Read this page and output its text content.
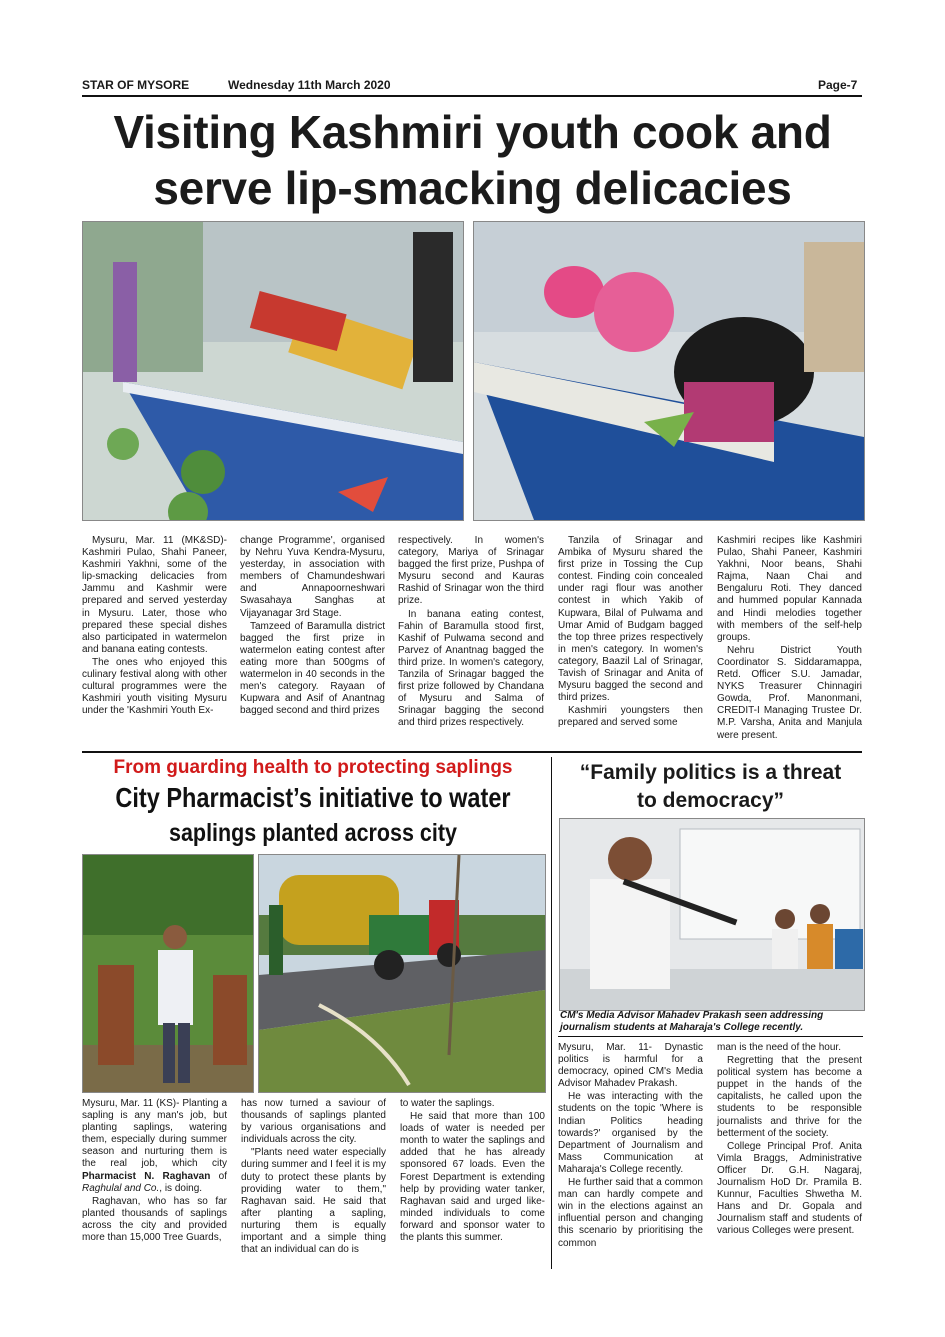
STAR OF MYSORE	Wednesday 11th March 2020	Page-7
Visiting Kashmiri youth cook and
serve lip-smacking delicacies

Mysuru, Mar. 11 (MK&SD)- Kashmiri Pulao, Shahi Paneer, Kashmiri Yakhni, some of the lip-smacking delicacies from Jammu and Kashmir were prepared and served yesterday in Mysuru. Later, those who prepared these special dishes also participated in watermelon and banana eating contests.

The ones who enjoyed this culinary festival along with other cultural programmes were the Kashmiri youth visiting Mysuru under the 'Kashmiri Youth Ex-

change Programme', organised by Nehru Yuva Kendra-Mysuru, yesterday, in association with members of Chamundeshwari and Annapoorneshwari Swasahaya Sanghas at Vijayanagar 3rd Stage.

Tamzeed of Baramulla district bagged the first prize in watermelon eating contest after eating more than 500gms of watermelon in 40 seconds in the men's category. Rayaan of Kupwara and Asif of Anantnag bagged second and third prizes

respectively. In women's category, Mariya of Srinagar bagged the first prize, Pushpa of Mysuru second and Kauras Rashid of Srinagar won the third prize.

In banana eating contest, Fahin of Baramulla stood first, Kashif of Pulwama second and Parvez of Anantnag bagged the third prize. In women's category, Tanzila of Srinagar bagged the first prize followed by Chandana of Mysuru and Salma of Srinagar bagging the second and third prizes respectively.

Tanzila of Srinagar and Ambika of Mysuru shared the first prize in Tossing the Cup contest. Finding coin concealed under ragi flour was another contest in which Yakib of Kupwara, Bilal of Pulwama and Umar Amid of Budgam bagged the top three prizes respectively in men's category. In women's category, Baazil Lal of Srinagar, Tavish of Srinagar and Anita of Mysuru bagged the second and third prizes.

Kashmiri youngsters then prepared and served some

Kashmiri recipes like Kashmiri Pulao, Shahi Paneer, Kashmiri Yakhni, Noor beans, Shahi Rajma, Naan Chai and Bengaluru Roti. They danced and hummed popular Kannada and Hindi melodies together with members of the self-help groups.

Nehru District Youth Coordinator S. Siddaramappa, Retd. Officer S.U. Jamadar, NYKS Treasurer Chinnagiri Gowda, Prof. Manonmani, CREDIT-I Managing Trustee Dr. M.P. Varsha, Anita and Manjula were present.

From guarding health to protecting saplings
City Pharmacist’s initiative to water
saplings planted across city

Mysuru, Mar. 11 (KS)- Planting a sapling is any man's job, but planting saplings, watering them, especially during summer season and nurturing them is the real job, which city Pharmacist N. Raghavan of Raghulal and Co., is doing.

Raghavan, who has so far planted thousands of saplings across the city and provided more than 15,000 Tree Guards,

has now turned a saviour of thousands of saplings planted by various organisations and individuals across the city.

"Plants need water especially during summer and I feel it is my duty to protect these plants by providing water to them," Raghavan said. He said that after planting a sapling, nurturing them is equally important and a simple thing that an individual can do is

to water the saplings.

He said that more than 100 loads of water is needed per month to water the saplings and added that he has already sponsored 67 loads. Even the Forest Department is extending help by providing water tanker, Raghavan said and urged like-minded individuals to come forward and sponsor water to the plants this summer.

“Family politics is a threat
to democracy”
CM's Media Advisor Mahadev Prakash seen addressing journalism students at Maharaja's College recently.

Mysuru, Mar. 11- Dynastic politics is harmful for a democracy, opined CM's Media Advisor Mahadev Prakash.

He was interacting with the students on the topic 'Where is Indian Politics heading towards?' organised by the Department of Journalism and Mass Communication at Maharaja's College recently.

He further said that a common man can hardly compete and win in the elections against an influential person and changing this scenario by prioritising the common

man is the need of the hour.

Regretting that the present political system has become a puppet in the hands of the capitalists, he called upon the students to be responsible journalists and thrive for the betterment of the society.

College Principal Prof. Anita Vimla Braggs, Administrative Officer Dr. G.H. Nagaraj, Journalism HoD Dr. Pramila B. Kunnur, Faculties Shwetha M. Hans and Dr. Gopala and Journalism staff and students of various Colleges were present.
